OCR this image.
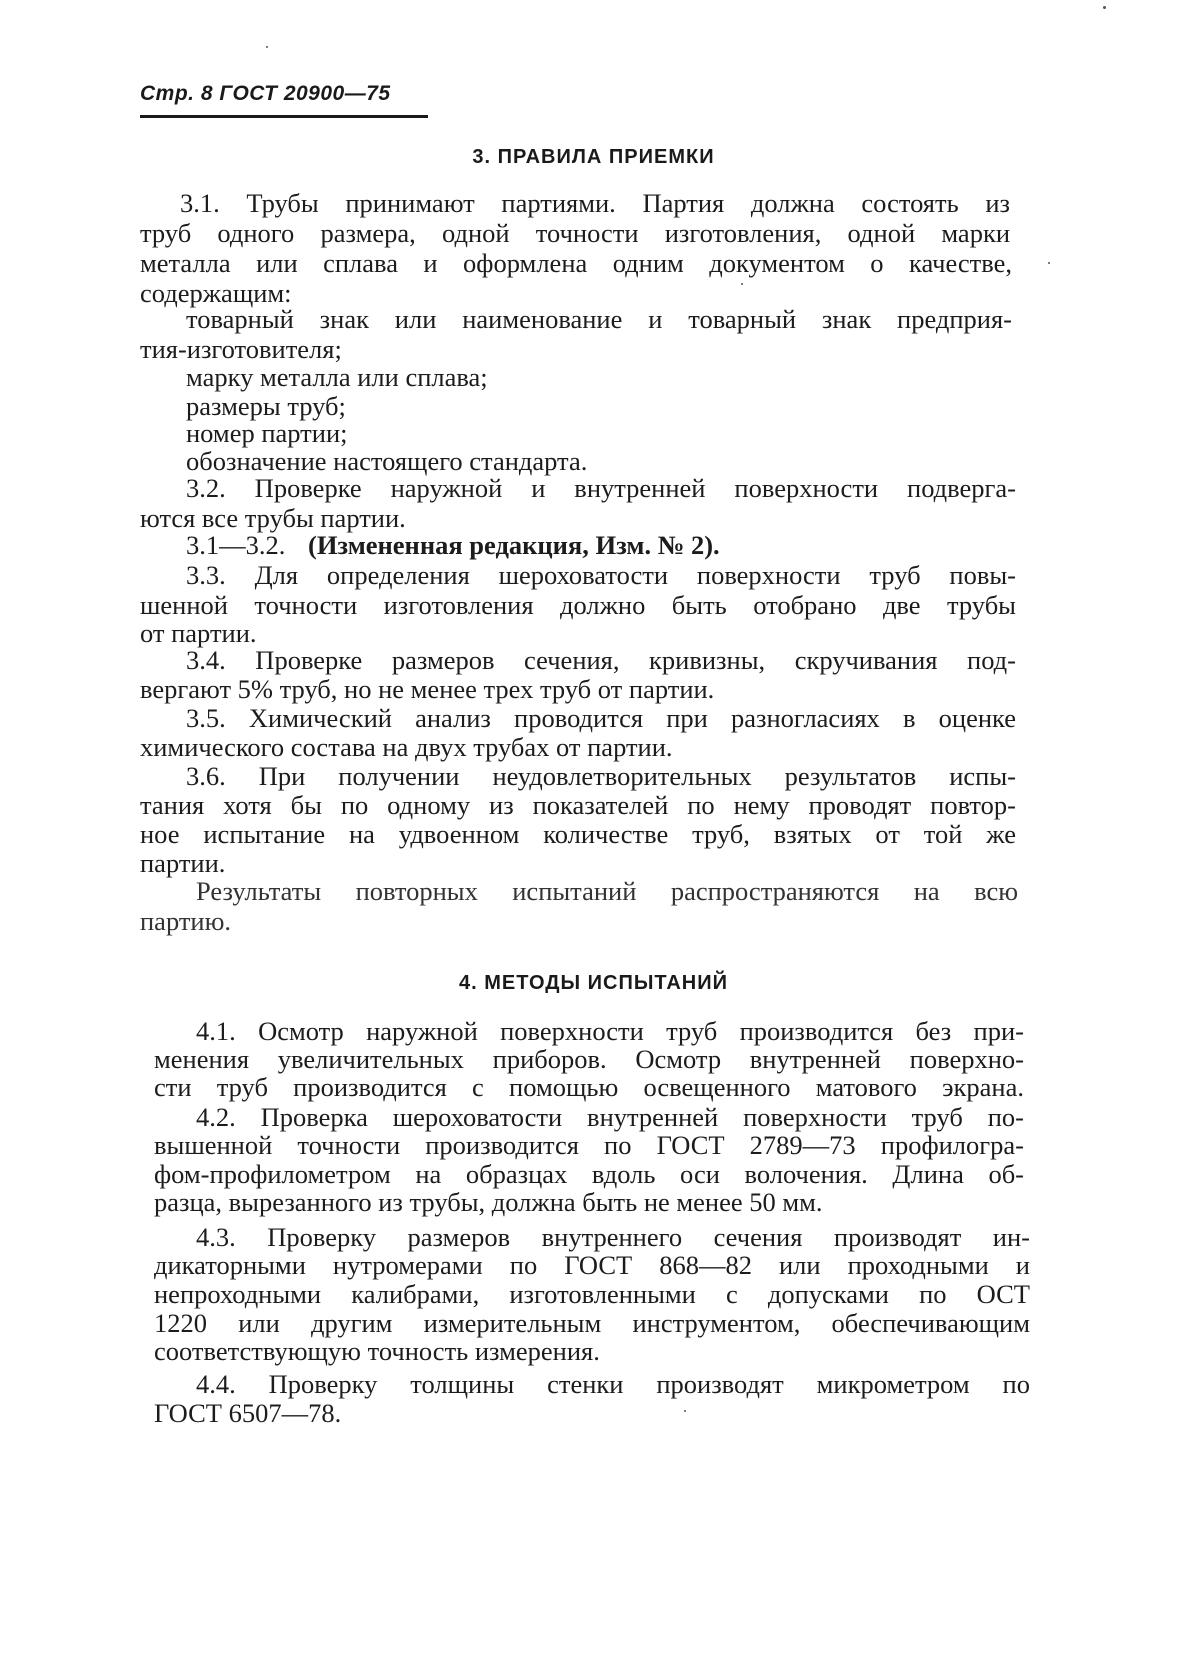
Стр. 8 ГОСТ 20900—75
3. ПРАВИЛА ПРИЕМКИ
3.1. Трубы принимают партиями. Партия должна состоять из
труб одного размера, одной точности изготовления, одной марки
металла или сплава и оформлена одним документом о качестве,
содержащим:
товарный знак или наименование и товарный знак предприя-
тия-изготовителя;
марку металла или сплава;
размеры труб;
номер партии;
обозначение настоящего стандарта.
3.2. Проверке наружной и внутренней поверхности подверга-
ются все трубы партии.
3.1—3.2. (Измененная редакция, Изм. № 2).
3.3. Для определения шероховатости поверхности труб повы-
шенной точности изготовления должно быть отобрано две трубы
от партии.
3.4. Проверке размеров сечения, кривизны, скручивания под-
вергают 5% труб, но не менее трех труб от партии.
3.5. Химический анализ проводится при разногласиях в оценке
химического состава на двух трубах от партии.
3.6. При получении неудовлетворительных результатов испы-
тания хотя бы по одному из показателей по нему проводят повтор-
ное испытание на удвоенном количестве труб, взятых от той же
партии.
Результаты повторных испытаний распространяются на всю
партию.
4. МЕТОДЫ ИСПЫТАНИЙ
4.1. Осмотр наружной поверхности труб производится без при-
менения увеличительных приборов. Осмотр внутренней поверхно-
сти труб производится с помощью освещенного матового экрана.
4.2. Проверка шероховатости внутренней поверхности труб по-
вышенной точности производится по ГОСТ 2789—73 профилогра-
фом-профилометром на образцах вдоль оси волочения. Длина об-
разца, вырезанного из трубы, должна быть не менее 50 мм.
4.3. Проверку размеров внутреннего сечения производят ин-
дикаторными нутромерами по ГОСТ 868—82 или проходными и
непроходными калибрами, изготовленными с допусками по ОСТ
1220 или другим измерительным инструментом, обеспечивающим
соответствующую точность измерения.
4.4. Проверку толщины стенки производят микрометром по
ГОСТ 6507—78.
